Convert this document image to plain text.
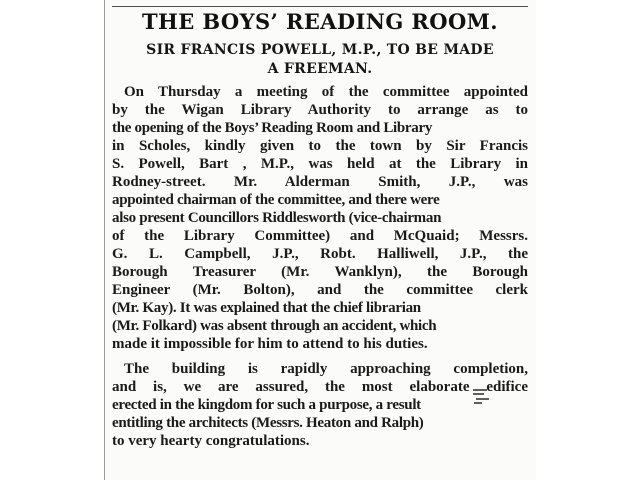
THE BOYS’ READING ROOM.
SIR FRANCIS POWELL, M.P., TO BE MADE
A FREEMAN.
On Thursday a meeting of the committee appointed
by the Wigan Library Authority to arrange as to
the opening of the Boys’ Reading Room and Library
in Scholes, kindly given to the town by Sir Francis
S. Powell, Bart , M.P., was held at the Library in
Rodney-street. Mr. Alderman Smith, J.P., was
appointed chairman of the committee, and there were
also present Councillors Riddlesworth (vice-chairman
of the Library Committee) and McQuaid; Messrs.
G. L. Campbell, J.P., Robt. Halliwell, J.P., the
Borough Treasurer (Mr. Wanklyn), the Borough
Engineer (Mr. Bolton), and the committee clerk
(Mr. Kay). It was explained that the chief librarian
(Mr. Folkard) was absent through an accident, which
made it impossible for him to attend to his duties.
The building is rapidly approaching completion,
and is, we are assured, the most elaborate edifice
erected in the kingdom for such a purpose, a result
entitling the architects (Messrs. Heaton and Ralph)
to very hearty congratulations.
